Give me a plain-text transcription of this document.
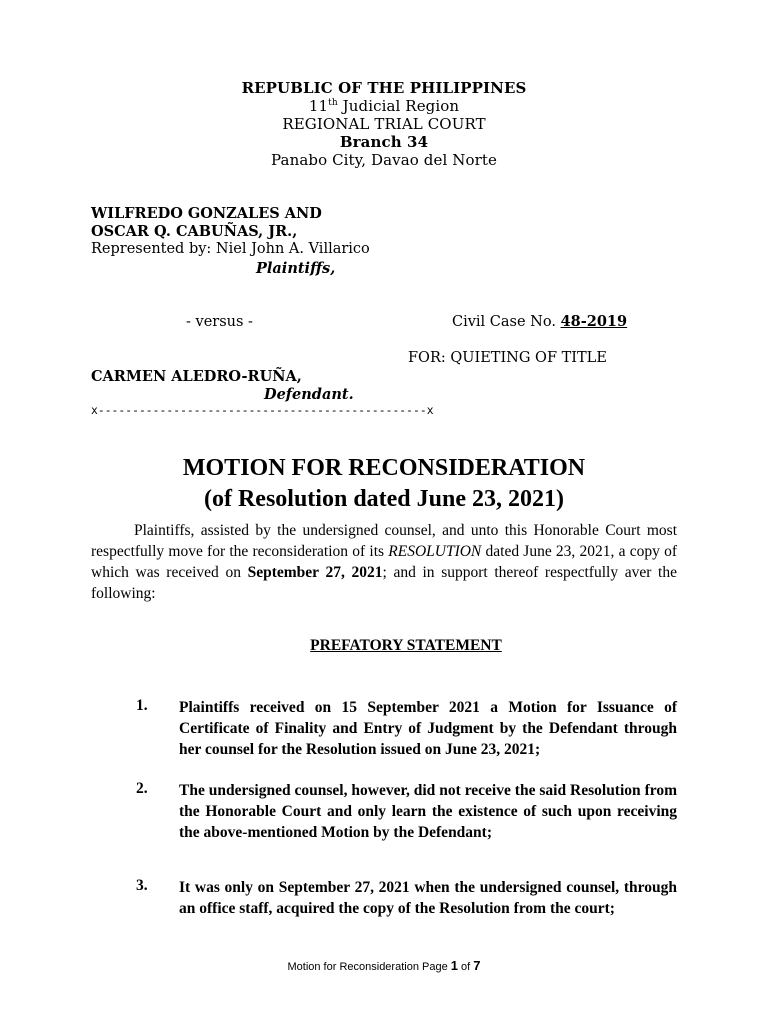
REPUBLIC OF THE PHILIPPINES
11th Judicial Region
REGIONAL TRIAL COURT
Branch 34
Panabo City, Davao del Norte
WILFREDO GONZALES AND
OSCAR Q. CABUÑAS, JR.,
Represented by: Niel John A. Villarico
Plaintiffs,
- versus -	Civil Case No. 48-2019
FOR: QUIETING OF TITLE
CARMEN ALEDRO-RUÑA,
Defendant.
x------------------------------------------------x
MOTION FOR RECONSIDERATION
(of Resolution dated June 23, 2021)
Plaintiffs, assisted by the undersigned counsel, and unto this Honorable Court most respectfully move for the reconsideration of its RESOLUTION dated June 23, 2021, a copy of which was received on September 27, 2021; and in support thereof respectfully aver the following:
PREFATORY STATEMENT
1. Plaintiffs received on 15 September 2021 a Motion for Issuance of Certificate of Finality and Entry of Judgment by the Defendant through her counsel for the Resolution issued on June 23, 2021;
2. The undersigned counsel, however, did not receive the said Resolution from the Honorable Court and only learn the existence of such upon receiving the above-mentioned Motion by the Defendant;
3. It was only on September 27, 2021 when the undersigned counsel, through an office staff, acquired the copy of the Resolution from the court;
Motion for Reconsideration Page 1 of 7
